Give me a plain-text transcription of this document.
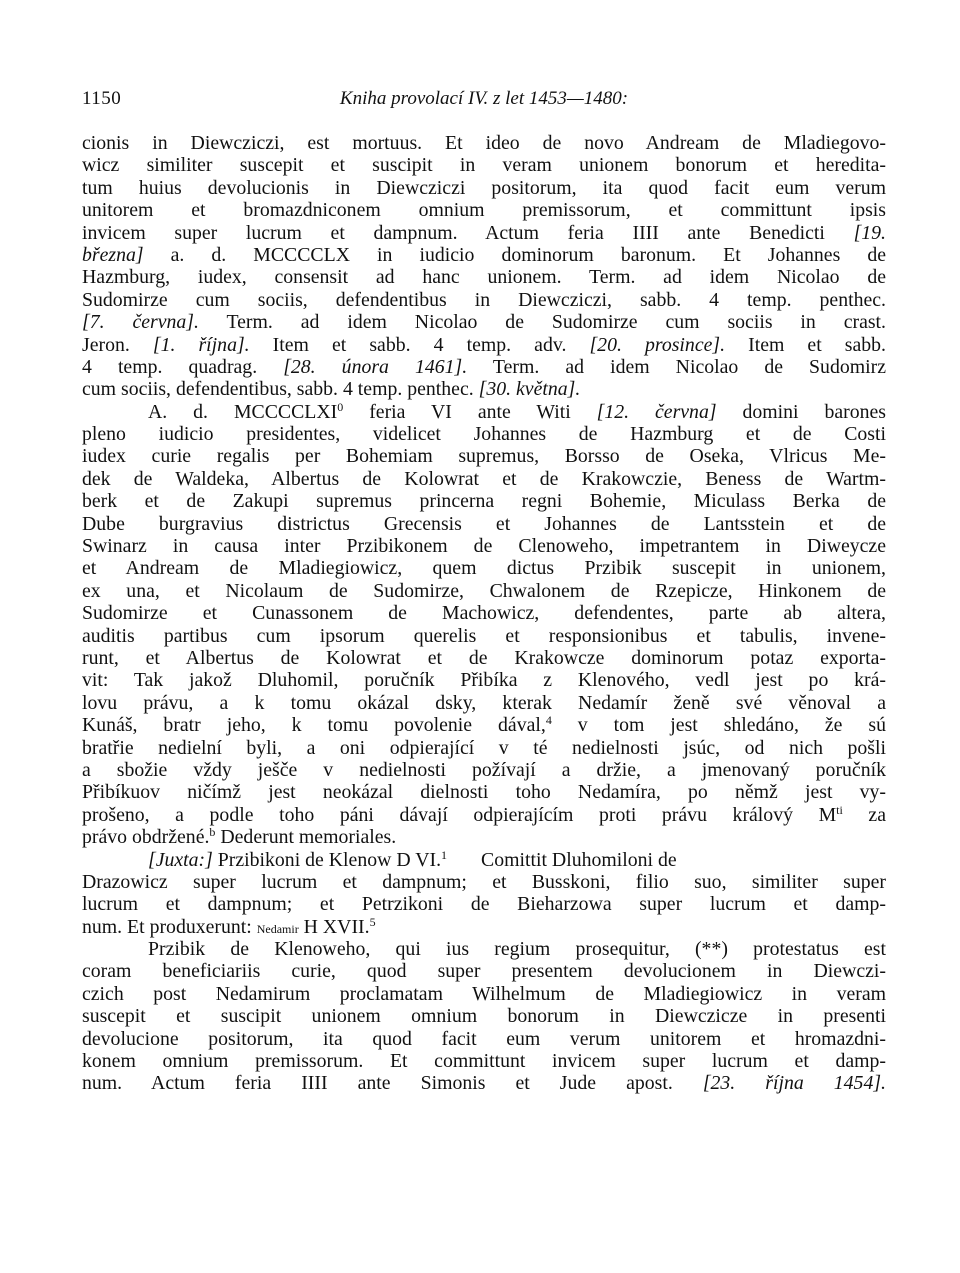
1150	Kniha provolací IV. z let 1453—1480:
cionis in Diewcziczi, est mortuus. Et ideo de novo Andream de Mladiegovo-
wicz similiter suscepit et suscipit in veram unionem bonorum et heredita-
tum huius devolucionis in Diewcziczi positorum, ita quod facit eum verum
unitorem et bromazdniconem omnium premissorum, et committunt ipsis
invicem super lucrum et dampnum. Actum feria IIII ante Benedicti [19.
března] a. d. MCCCCLX in iudicio dominorum baronum. Et Johannes de
Hazmburg, iudex, consensit ad hanc unionem. Term. ad idem Nicolao de
Sudomirze cum sociis, defendentibus in Diewcziczi, sabb. 4 temp. penthec.
[7. června]. Term. ad idem Nicolao de Sudomirze cum sociis in crast.
Jeron. [1. října]. Item et sabb. 4 temp. adv. [20. prosince]. Item et sabb.
4 temp. quadrag. [28. února 1461]. Term. ad idem Nicolao de Sudomirz
cum sociis, defendentibus, sabb. 4 temp. penthec. [30. května].
A. d. MCCCCLXI$^0$ feria VI ante Witi [12. června] domini barones
pleno iudicio presidentes, videlicet Johannes de Hazmburg et de Costi
iudex curie regalis per Bohemiam supremus, Borsso de Oseka, Vlricus Me-
dek de Waldeka, Albertus de Kolowrat et de Krakowczie, Beness de Wartm-
berk et de Zakupi supremus princerna regni Bohemie, Miculass Berka de
Dube burgravius districtus Grecensis et Johannes de Lantsstein et de
Swinarz in causa inter Przibikonem de Clenoweho, impetrantem in Diweycze
et Andream de Mladiegiowicz, quem dictus Przibik suscepit in unionem,
ex una, et Nicolaum de Sudomirze, Chwalonem de Rzepicze, Hinkonem de
Sudomirze et Cunassonem de Machowicz, defendentes, parte ab altera,
auditis partibus cum ipsorum querelis et responsionibus et tabulis, invene-
runt, et Albertus de Kolowrat et de Krakowcze dominorum potaz exporta-
vit: Tak jakož Dluhomil, poručník Přibíka z Klenového, vedl jest po krá-
lovu právu, a k tomu okázal dsky, kterak Nedamír ženě své věnoval a
Kunáš, bratr jeho, k tomu povolenie dával,$^4$ v tom jest shledáno, že sú
bratřie nedielní byli, a oni odpierající v té nedielnosti jsúc, od nich pošli
a sbožie vždy ješče v nedielnosti požívají a držie, a jmenovaný poručník
Přibíkuov ničímž jest neokázal dielnosti toho Nedamíra, po němž jest vy-
prošeno, a podle toho páni dávají odpierajícím proti právu králový $M^{ti}$ za
právo obdržené.$^b$ Dederunt memoriales.
[Juxta:] Przibikoni de Klenow D VI.$^1$ Comittit Dluhomiloni de
Drazowicz super lucrum et dampnum; et Busskoni, filio suo, similiter super
lucrum et dampnum; et Petrzikoni de Bieharzowa super lucrum et damp-
num. Et produxerunt: Nedamir H XVII.$^5$
Przibik de Klenoweho, qui ius regium prosequitur, (**) protestatus est
coram beneficiariis curie, quod super presentem devolucionem in Diewczi-
czich post Nedamirum proclamatam Wilhelmum de Mladiegiowicz in veram
suscepit et suscipit unionem omnium bonorum in Diewczicze in presenti
devolucione positorum, ita quod facit eum verum unitorem et hromazdni-
konem omnium premissorum. Et committunt invicem super lucrum et damp-
num. Actum feria IIII ante Simonis et Jude apost. [23. října 1454].
